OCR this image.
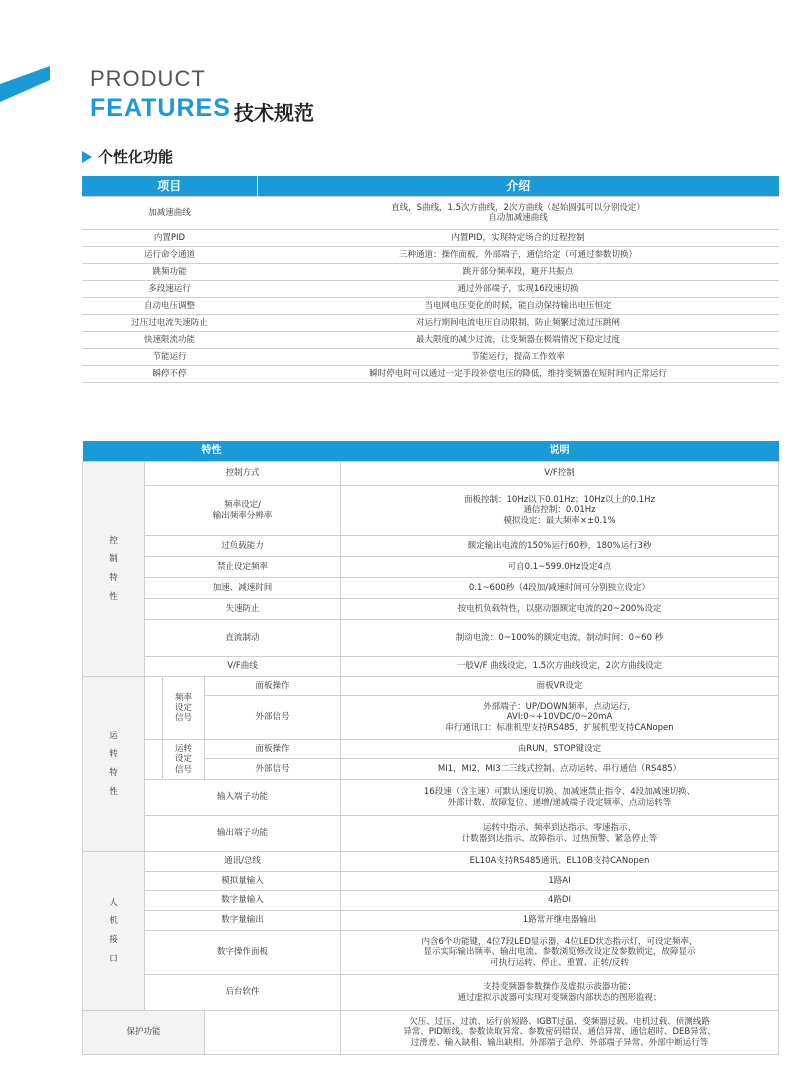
PRODUCT
FEATURES 技术规范
个性化功能
项目	介绍
加减速曲线	直线，S曲线，1.5次方曲线，2次方曲线（起始圆弧可以分别设定）
自动加减速曲线
内置PID	内置PID，实现特定场合的过程控制
运行命令通道	三种通道：操作面板，外部端子，通信给定（可通过参数切换）
跳频功能	跳开部分频率段，避开共振点
多段速运行	通过外部端子，实现16段速切换
自动电压调整	当电网电压变化的时候，能自动保持输出电压恒定
过压过电流失速防止	对运行期间电流电压自动限制，防止频繁过流过压跳闸
快速限流功能	最大限度的减少过流，让变频器在极端情况下稳定过度
节能运行	节能运行，提高工作效率
瞬停不停	瞬时停电时可以通过一定手段补偿电压的降低，维持变频器在短时间内正常运行
特性				说明
控
制
特
性	控制方式			V/F控制
	频率设定/
输出频率分辨率			面板控制：10Hz以下0.01Hz；10Hz以上的0.1Hz
通信控制：0.01Hz
模拟设定：最大频率×±0.1%
	过负载能力			额定输出电流的150%运行60秒，180%运行3秒
	禁止设定频率			可自0.1~599.0Hz设定4点
	加速、减速时间			0.1~600秒（4段加/减速时间可分别独立设定）
	失速防止			按电机负载特性，以驱动器额定电流的20~200%设定
	直流制动			制动电流：0~100%的额定电流，制动时间：0~60 秒
	V/F曲线			一般V/F 曲线设定，1.5次方曲线设定，2次方曲线设定
运
转
特
性		频率
设定
信号	面板操作	面板VR设定
			外部信号	外部端子：UP/DOWN频率，点动运行，
AVI:0~+10VDC/0~20mA
串行通讯口：标准机型支持RS485，扩展机型支持CANopen
		运转
设定
信号	面板操作	由RUN，STOP键设定
			外部信号	MI1，MI2，MI3二三线式控制、点动运转、串行通信（RS485）
	输入端子功能			16段速（含主速）可默认速度切换、加减速禁止指令、4段加减速切换、
外部计数、故障复位、递增/递减端子设定频率、点动运转等
	输出端子功能			运转中指示、频率到达指示、零速指示、
计数器到达指示、故障指示、过热预警、紧急停止等
人
机
接
口	通讯/总线			EL10A支持RS485通讯、EL10B支持CANopen
	模拟量输入			1路AI
	数字量输入			4路DI
	数字量输出			1路常开继电器输出
	数字操作面板			内含6个功能键，4位7段LED显示器，4位LED状态指示灯，可设定频率，
显示实际输出频率、输出电流、参数浏览修改设定及参数锁定，故障显示
可执行运转、停止、重置、正转/反转
	后台软件			支持变频器参数操作及虚拟示波器功能；
通过虚拟示波器可实现对变频器内部状态的图形监视；
保护功能				欠压、过压、过流、运行前短路、IGBT过温、变频器过载、电机过载、侦测线路
异常、PID断线、参数读取异常、参数密码错误、通信异常、通信超时、DEB异常、
过滑差、输入缺相、输出缺相、外部端子急停、外部端子异常、外部中断运行等
